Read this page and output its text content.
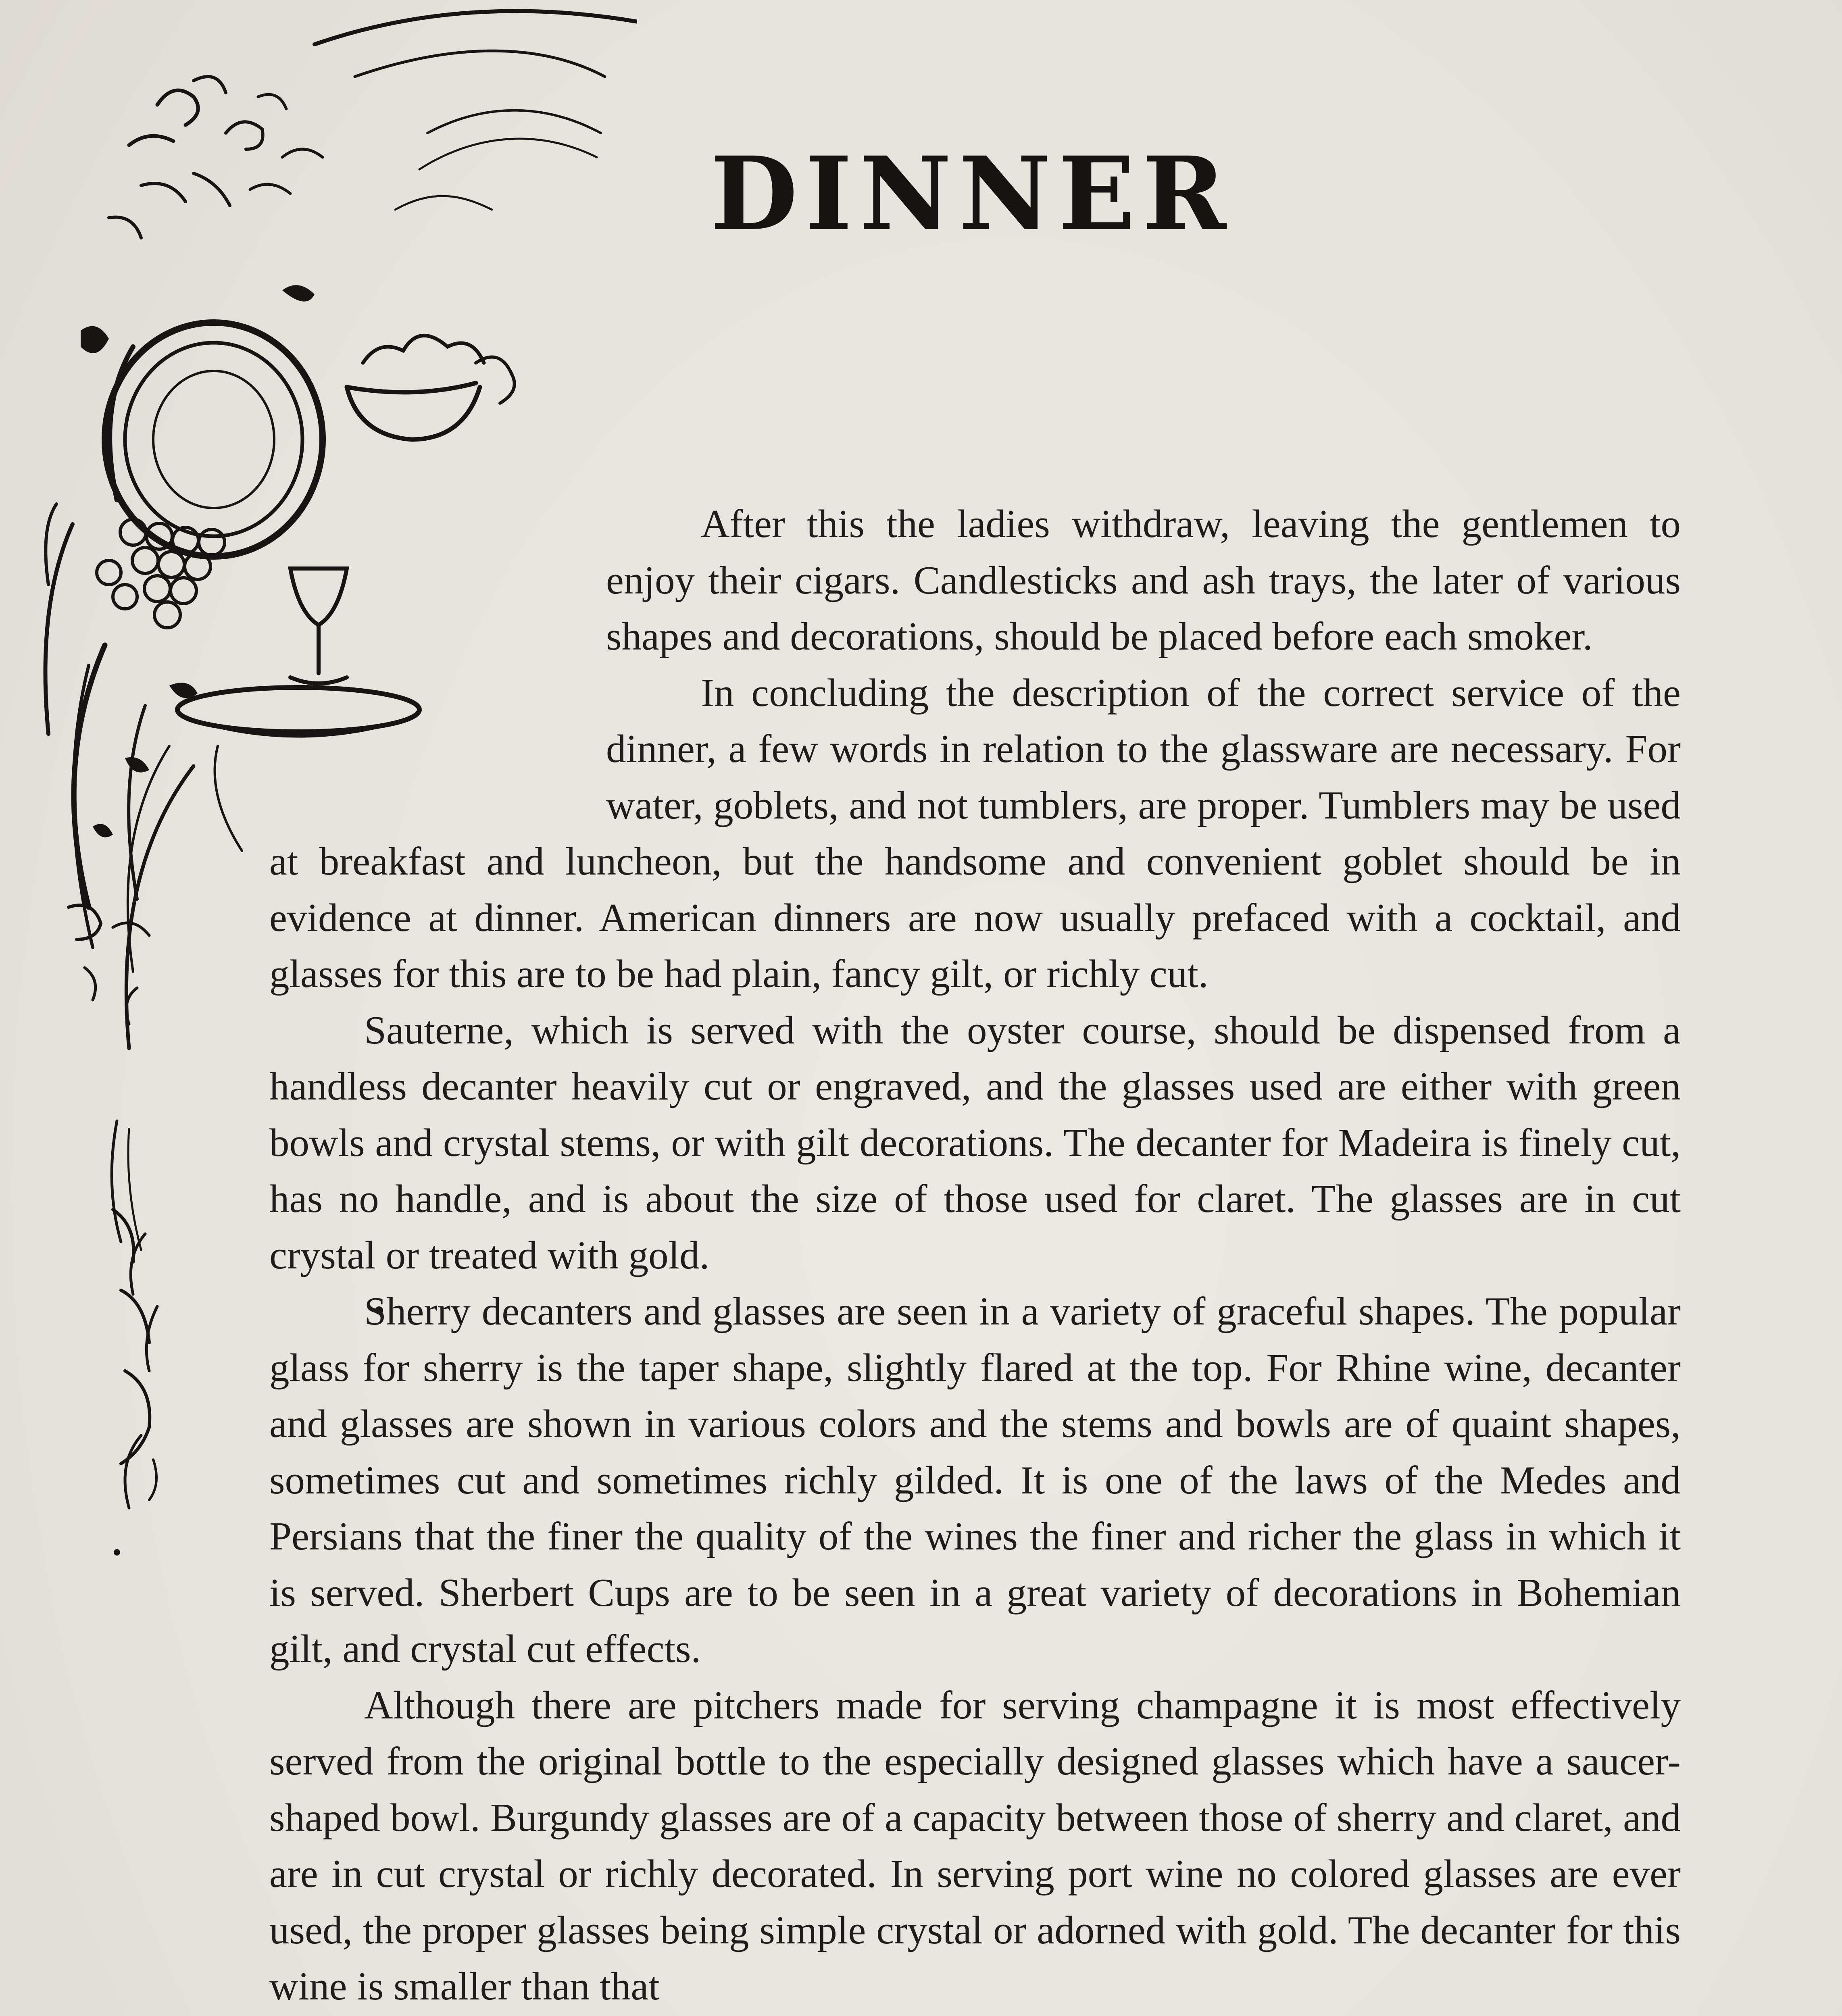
DINNER

After this the ladies withdraw, leaving the gentlemen to enjoy their cigars. Candlesticks and ash trays, the later of various shapes and decorations, should be placed before each smoker.

In concluding the description of the correct service of the dinner, a few words in relation to the glassware are necessary. For water, goblets, and not tumblers, are proper. Tumblers may be used at breakfast and luncheon, but the handsome and convenient goblet should be in evidence at dinner. American dinners are now usually prefaced with a cocktail, and glasses for this are to be had plain, fancy gilt, or richly cut.

Sauterne, which is served with the oyster course, should be dispensed from a handless decanter heavily cut or engraved, and the glasses used are either with green bowls and crystal stems, or with gilt decorations. The decanter for Madeira is finely cut, has no handle, and is about the size of those used for claret. The glasses are in cut crystal or treated with gold.

Sherry decanters and glasses are seen in a variety of graceful shapes. The popular glass for sherry is the taper shape, slightly flared at the top. For Rhine wine, decanter and glasses are shown in various colors and the stems and bowls are of quaint shapes, sometimes cut and sometimes richly gilded. It is one of the laws of the Medes and Persians that the finer the quality of the wines the finer and richer the glass in which it is served. Sherbert Cups are to be seen in a great variety of decorations in Bohemian gilt, and crystal cut effects.

Although there are pitchers made for serving champagne it is most effectively served from the original bottle to the especially designed glasses which have a saucer-shaped bowl. Burgundy glasses are of a capacity between those of sherry and claret, and are in cut crystal or richly decorated. In serving port wine no colored glasses are ever used, the proper glasses being simple crystal or adorned with gold. The decanter for this wine is smaller than that
